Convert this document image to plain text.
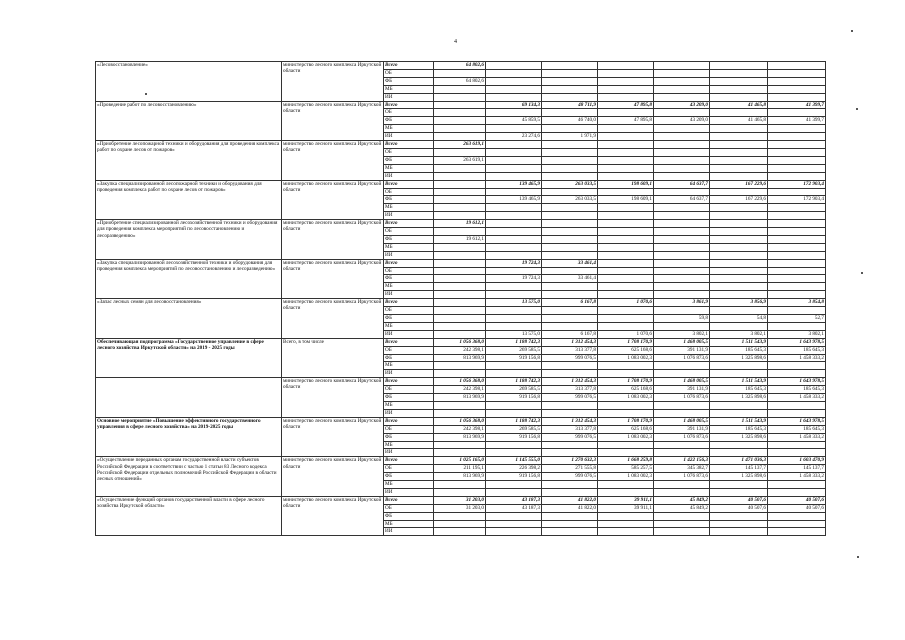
4
«Лесовосстановление»	министерство лесного комплекса Иркутской области	Всего	64 802,6						
		ОБ							
		ФБ	64 802,6						
		МБ							
		ИИ							
«Проведение работ по лесовосстановлению»	министерство лесного комплекса Иркутской области	Всего		69 134,3	48 711,9	47 895,8	43 209,0	41 465,8	41 399,7
		ОБ							
		ФБ		45 859,5	46 740,0	47 895,8	43 209,0	41 465,8	41 399,7
		МБ							
		ИИ		23 274,6	1 971,9				
«Приобретение лесопожарной техники и оборудования для проведения комплекса работ по охране лесов от пожаров»	министерство лесного комплекса Иркутской области	Всего	263 619,1						
		ОБ							
		ФБ	263 619,1						
		МБ							
		ИИ							
«Закупка специализированной лесопожарной техники и оборудования для проведения комплекса работ по охране лесов от пожаров»	министерство лесного комплекса Иркутской области	Всего		139 465,9	263 033,5	198 609,1	64 637,7	167 229,6	172 903,4
		ОБ							
		ФБ		139 465,9	263 033,5	198 609,1	64 637,7	167 229,6	172 903,4
		МБ							
		ИИ							
«Приобретение специализированной лесохозяйственной техники и оборудования для проведения комплекса мероприятий по лесовосстановлению и лесоразведению»	министерство лесного комплекса Иркутской области	Всего	19 612,1						
		ОБ							
		ФБ	19 612,1						
		МБ							
		ИИ							
«Закупка специализированной лесохозяйственной техники и оборудования для проведения комплекса мероприятий по лесовосстановлению и лесоразведению»	министерство лесного комплекса Иркутской области	Всего		19 724,3	33 461,4				
		ОБ							
		ФБ		19 724,3	33 461,4				
		МБ							
		ИИ							
«Запас лесных семян для лесовосстановления»	министерство лесного комплекса Иркутской области	Всего		13 575,0	6 167,8	1 070,6	3 861,9	3 856,9	3 854,8
		ОБ							
		ФБ					59,8	54,8	52,7
		МБ							
		ИИ		13 575,0	6 167,8	1 070,6	3 802,1	3 802,1	3 802,1
Обеспечивающая подпрограмма «Государственное управление в сфере лесного хозяйства Иркутской области» на 2019 - 2025 годы	Всего, в том числе	Всего	1 056 368,0	1 188 742,3	1 312 454,3	1 708 170,9	1 468 005,5	1 511 543,9	1 643 978,5
		ОБ	242 398,1	269 585,5	313 377,8	625 168,6	391 131,9	185 645,3	185 645,3
		ФБ	813 969,9	919 156,8	999 076,5	1 083 002,3	1 076 873,6	1 325 898,6	1 458 333,2
		МБ							
		ИИ							
	министерство лесного комплекса Иркутской области	Всего	1 056 368,0	1 188 742,3	1 312 454,3	1 708 170,9	1 468 005,5	1 511 543,9	1 643 978,5
		ОБ	242 398,1	269 585,5	313 377,8	625 168,6	391 131,9	185 645,3	185 645,3
		ФБ	813 969,9	919 156,8	999 076,5	1 083 002,3	1 076 873,6	1 325 898,6	1 458 333,2
		МБ							
		ИИ							
Основное мероприятие «Повышение эффективного государственного управления в сфере лесного хозяйства» на 2019-2025 годы	министерство лесного комплекса Иркутской области	Всего	1 056 368,0	1 188 742,3	1 312 454,3	1 708 170,9	1 468 005,5	1 511 543,9	1 643 978,5
		ОБ	242 398,1	269 585,5	313 377,8	625 168,6	391 131,9	185 645,3	185 645,3
		ФБ	813 969,9	919 156,8	999 076,5	1 083 002,3	1 076 873,6	1 325 898,6	1 458 333,2
		МБ							
		ИИ							
«Осуществление переданных органам государственной власти субъектов Российской Федерации в соответствии с частью 1 статьи 83 Лесного кодекса Российской Федерации отдельных полномочий Российской Федерации в области лесных отношений»	министерство лесного комплекса Иркутской области	Всего	1 025 165,0	1 145 555,0	1 270 632,3	1 668 259,8	1 422 156,3	1 471 036,3	1 603 470,9
		ОБ	211 195,1	226 398,2	271 555,8	585 257,5	345 382,7	145 137,7	145 137,7
		ФБ	813 969,9	919 156,8	999 076,5	1 083 002,3	1 076 873,6	1 325 898,6	1 458 333,2
		МБ							
		ИИ							
«Осуществление функций органов государственной власти в сфере лесного хозяйства Иркутской области»	министерство лесного комплекса Иркутской области	Всего	31 203,0	43 187,3	41 822,0	39 911,1	45 849,2	40 507,6	40 507,6
		ОБ	31 203,0	43 187,3	41 822,0	39 911,1	45 849,2	40 507,6	40 507,6
		ФБ							
		МБ							
		ИИ							
